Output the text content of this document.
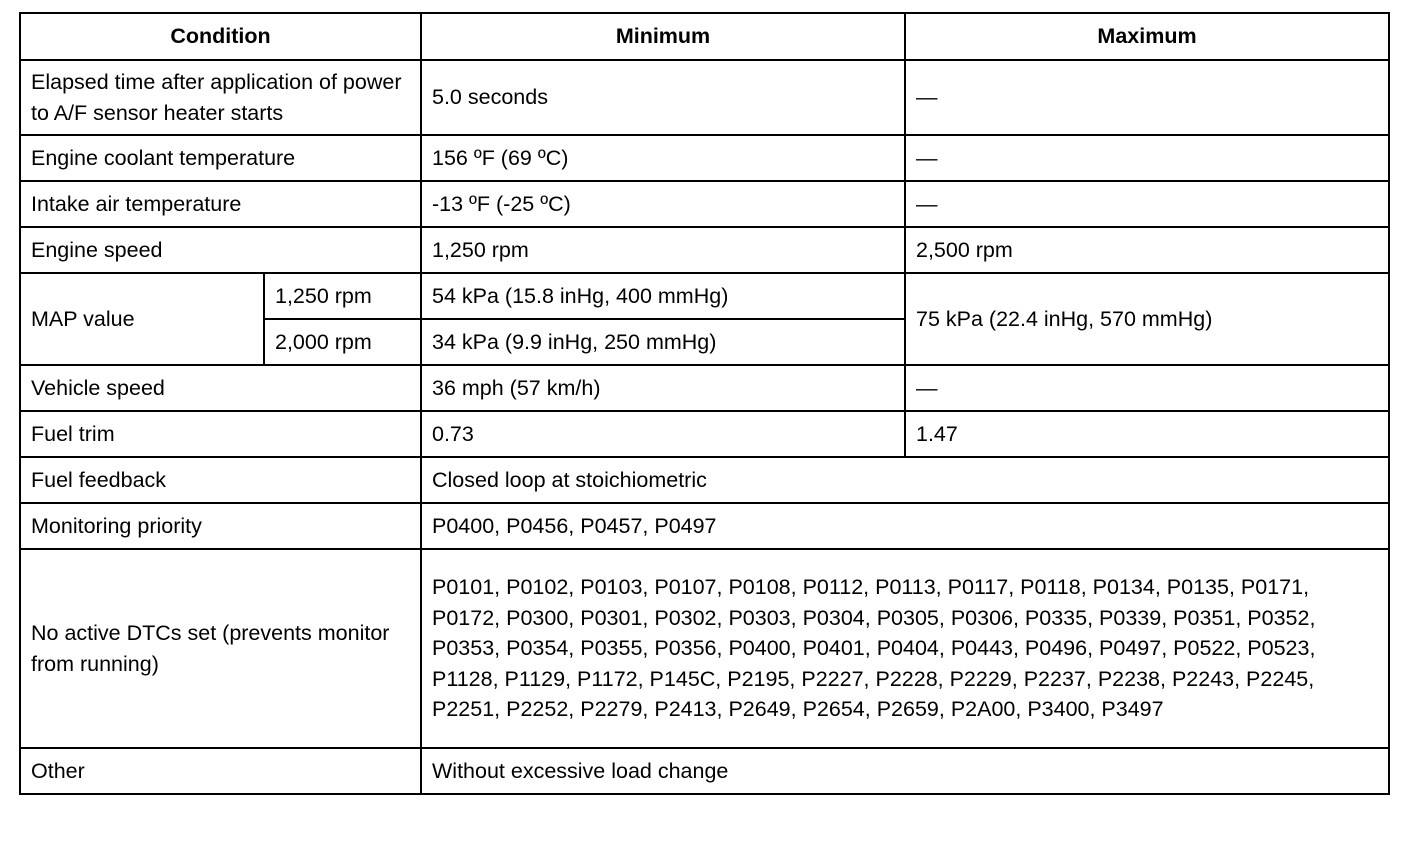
Condition		Minimum	Maximum
Elapsed time after application of power to A/F sensor heater starts		5.0 seconds	—
Engine coolant temperature		156 ºF (69 ºC)	—
Intake air temperature		-13 ºF (-25 ºC)	—
Engine speed		1,250 rpm	2,500 rpm
MAP value	1,250 rpm	54 kPa (15.8 inHg, 400 mmHg)	75 kPa (22.4 inHg, 570 mmHg)
	2,000 rpm	34 kPa (9.9 inHg, 250 mmHg)	
Vehicle speed		36 mph (57 km/h)	—
Fuel trim		0.73	1.47
Fuel feedback		Closed loop at stoichiometric	
Monitoring priority		P0400, P0456, P0457, P0497	
No active DTCs set (prevents monitor from running)		P0101, P0102, P0103, P0107, P0108, P0112, P0113, P0117, P0118, P0134, P0135, P0171, P0172, P0300, P0301, P0302, P0303, P0304, P0305, P0306, P0335, P0339, P0351, P0352, P0353, P0354, P0355, P0356, P0400, P0401, P0404, P0443, P0496, P0497, P0522, P0523, P1128, P1129, P1172, P145C, P2195, P2227, P2228, P2229, P2237, P2238, P2243, P2245, P2251, P2252, P2279, P2413, P2649, P2654, P2659, P2A00, P3400, P3497	
Other		Without excessive load change	
